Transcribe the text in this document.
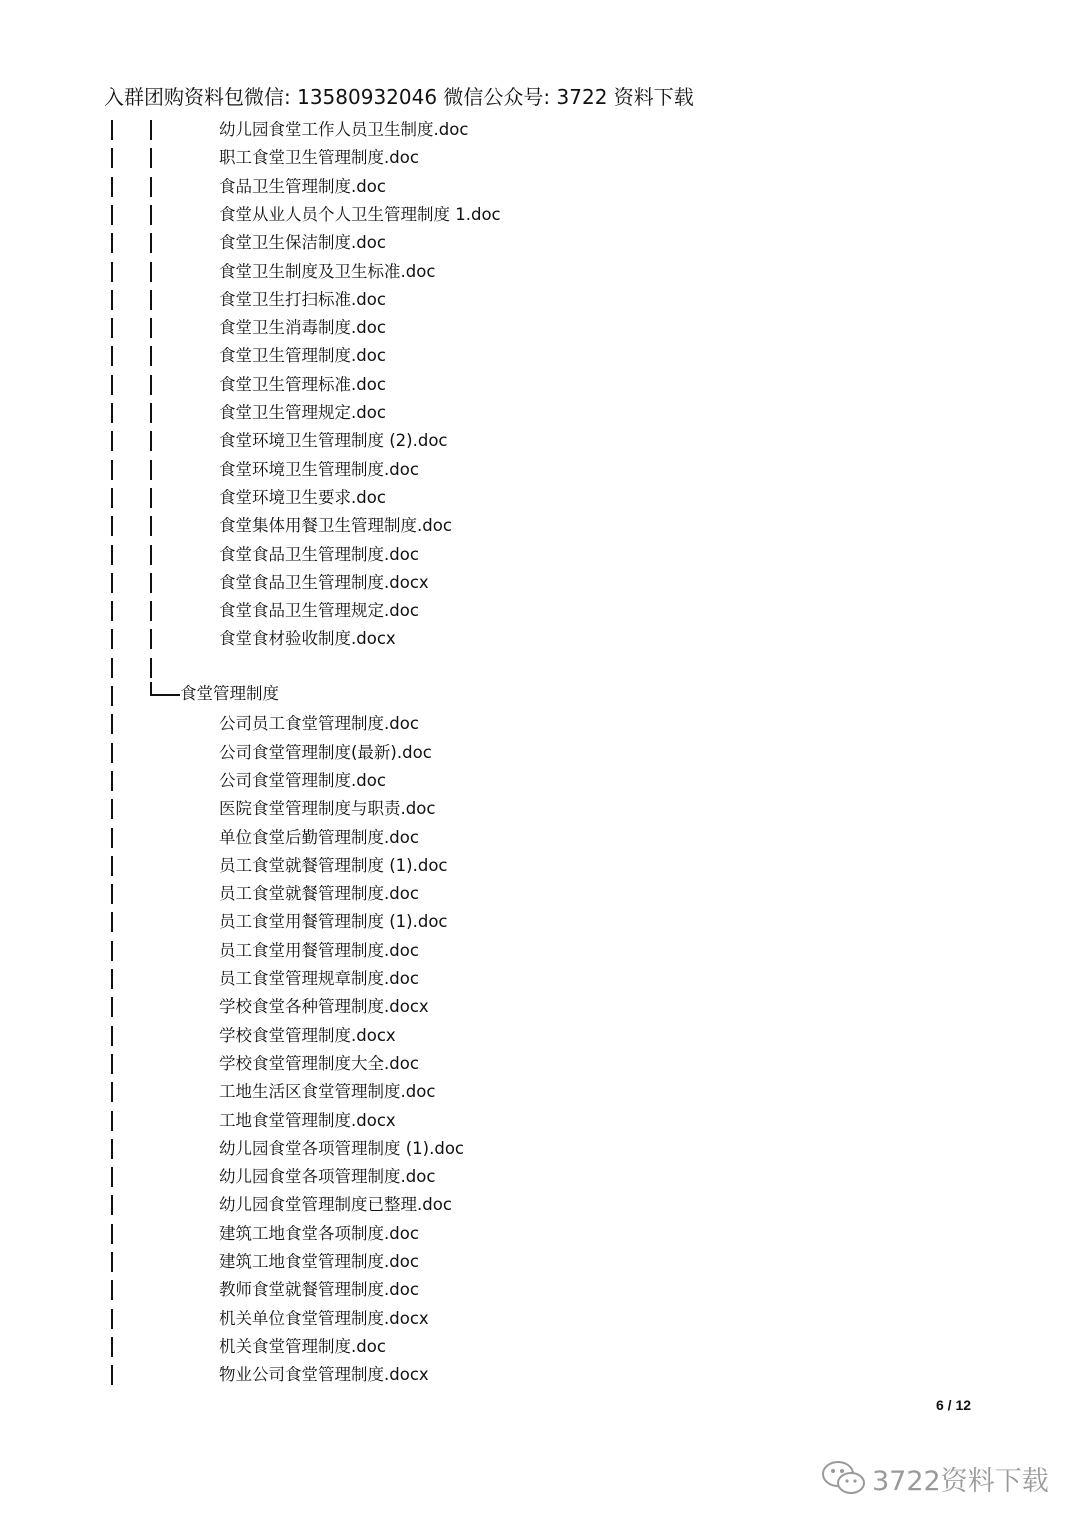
入群团购资料包微信: 13580932046 微信公众号: 3722 资料下载
幼儿园食堂工作人员卫生制度.doc
职工食堂卫生管理制度.doc
食品卫生管理制度.doc
食堂从业人员个人卫生管理制度 1.doc
食堂卫生保洁制度.doc
食堂卫生制度及卫生标准.doc
食堂卫生打扫标准.doc
食堂卫生消毒制度.doc
食堂卫生管理制度.doc
食堂卫生管理标准.doc
食堂卫生管理规定.doc
食堂环境卫生管理制度 (2).doc
食堂环境卫生管理制度.doc
食堂环境卫生要求.doc
食堂集体用餐卫生管理制度.doc
食堂食品卫生管理制度.doc
食堂食品卫生管理制度.docx
食堂食品卫生管理规定.doc
食堂食材验收制度.docx
食堂管理制度
公司员工食堂管理制度.doc
公司食堂管理制度(最新).doc
公司食堂管理制度.doc
医院食堂管理制度与职责.doc
单位食堂后勤管理制度.doc
员工食堂就餐管理制度 (1).doc
员工食堂就餐管理制度.doc
员工食堂用餐管理制度 (1).doc
员工食堂用餐管理制度.doc
员工食堂管理规章制度.doc
学校食堂各种管理制度.docx
学校食堂管理制度.docx
学校食堂管理制度大全.doc
工地生活区食堂管理制度.doc
工地食堂管理制度.docx
幼儿园食堂各项管理制度 (1).doc
幼儿园食堂各项管理制度.doc
幼儿园食堂管理制度已整理.doc
建筑工地食堂各项制度.doc
建筑工地食堂管理制度.doc
教师食堂就餐管理制度.doc
机关单位食堂管理制度.docx
机关食堂管理制度.doc
物业公司食堂管理制度.docx
6 / 12
3722资料下载
